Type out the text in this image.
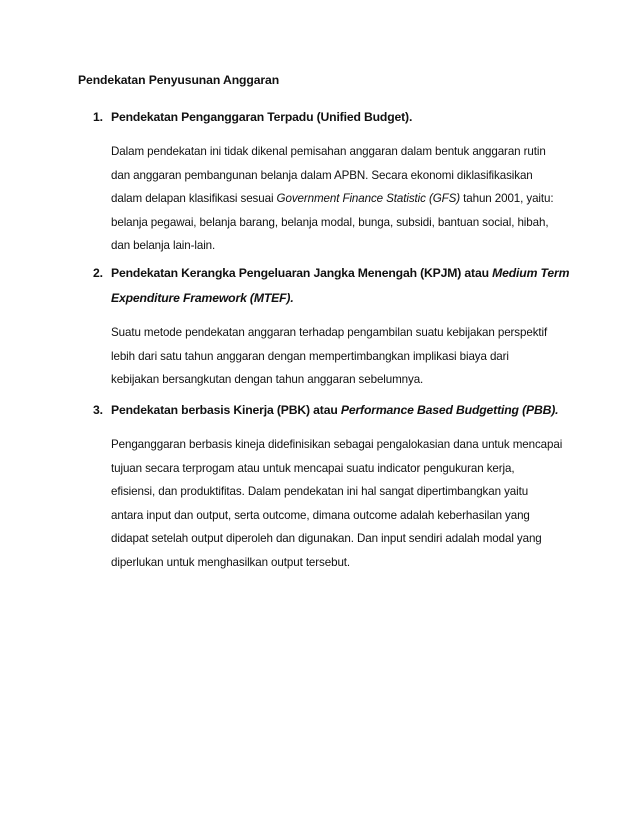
Pendekatan Penyusunan Anggaran
1. Pendekatan Penganggaran Terpadu (Unified Budget).
Dalam pendekatan ini tidak dikenal pemisahan anggaran dalam bentuk anggaran rutin
dan anggaran pembangunan belanja dalam APBN. Secara ekonomi diklasifikasikan
dalam delapan klasifikasi sesuai Government Finance Statistic (GFS) tahun 2001, yaitu:
belanja pegawai, belanja barang, belanja modal, bunga, subsidi, bantuan social, hibah,
dan belanja lain-lain.
2. Pendekatan Kerangka Pengeluaran Jangka Menengah (KPJM) atau Medium Term
Expenditure Framework (MTEF).
Suatu metode pendekatan anggaran terhadap pengambilan suatu kebijakan perspektif
lebih dari satu tahun anggaran dengan mempertimbangkan implikasi biaya dari
kebijakan bersangkutan dengan tahun anggaran sebelumnya.
3. Pendekatan berbasis Kinerja (PBK) atau Performance Based Budgetting (PBB).
Penganggaran berbasis kineja didefinisikan sebagai pengalokasian dana untuk mencapai
tujuan secara terprogam atau untuk mencapai suatu indicator pengukuran kerja,
efisiensi, dan produktifitas. Dalam pendekatan ini hal sangat dipertimbangkan yaitu
antara input dan output, serta outcome, dimana outcome adalah keberhasilan yang
didapat setelah output diperoleh dan digunakan. Dan input sendiri adalah modal yang
diperlukan untuk menghasilkan output tersebut.
